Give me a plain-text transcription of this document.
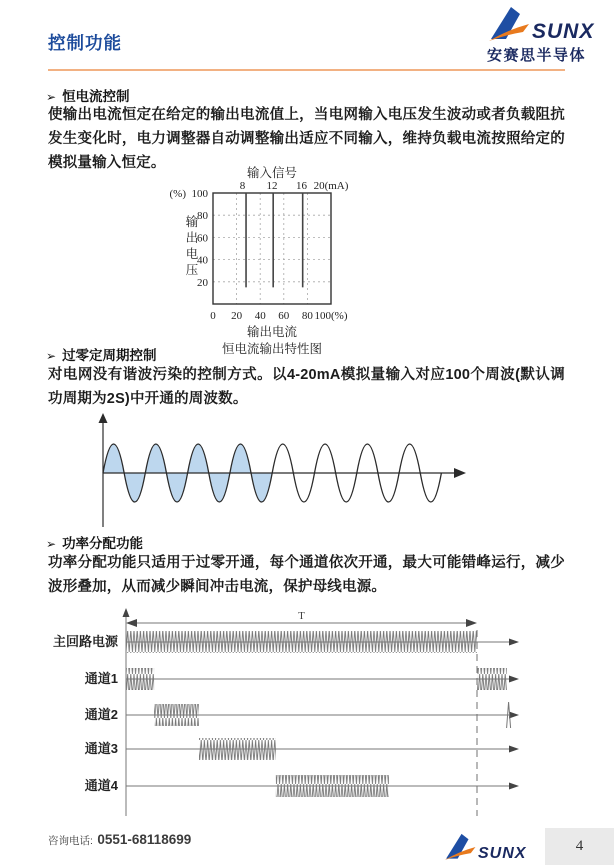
控制功能	SUNX
安赛思半导体
➢ 恒电流控制
使输出电流恒定在给定的输出电流值上，当电网输入电压发生波动或者负载阻抗发生变化时，电力调整器自动调整输出适应不同输入，维持负载电流按照给定的模拟量输入恒定。
输入信号
8 12 16 20(mA)
(%) 100
80
60
40
20
输
出
电
压
0 20 40 60 80 100(%)
输出电流
恒电流输出特性图
➢ 过零定周期控制
对电网没有谐波污染的控制方式。以4-20mA模拟量输入对应100个周波(默认调功周期为2S)中开通的周波数。
➢ 功率分配功能
功率分配功能只适用于过零开通，每个通道依次开通，最大可能错峰运行，减少波形叠加，从而减少瞬间冲击电流，保护母线电源。
T
主回路电源
通道1
通道2
通道3
通道4
咨询电话: 0551-68118699
SUNX	4
